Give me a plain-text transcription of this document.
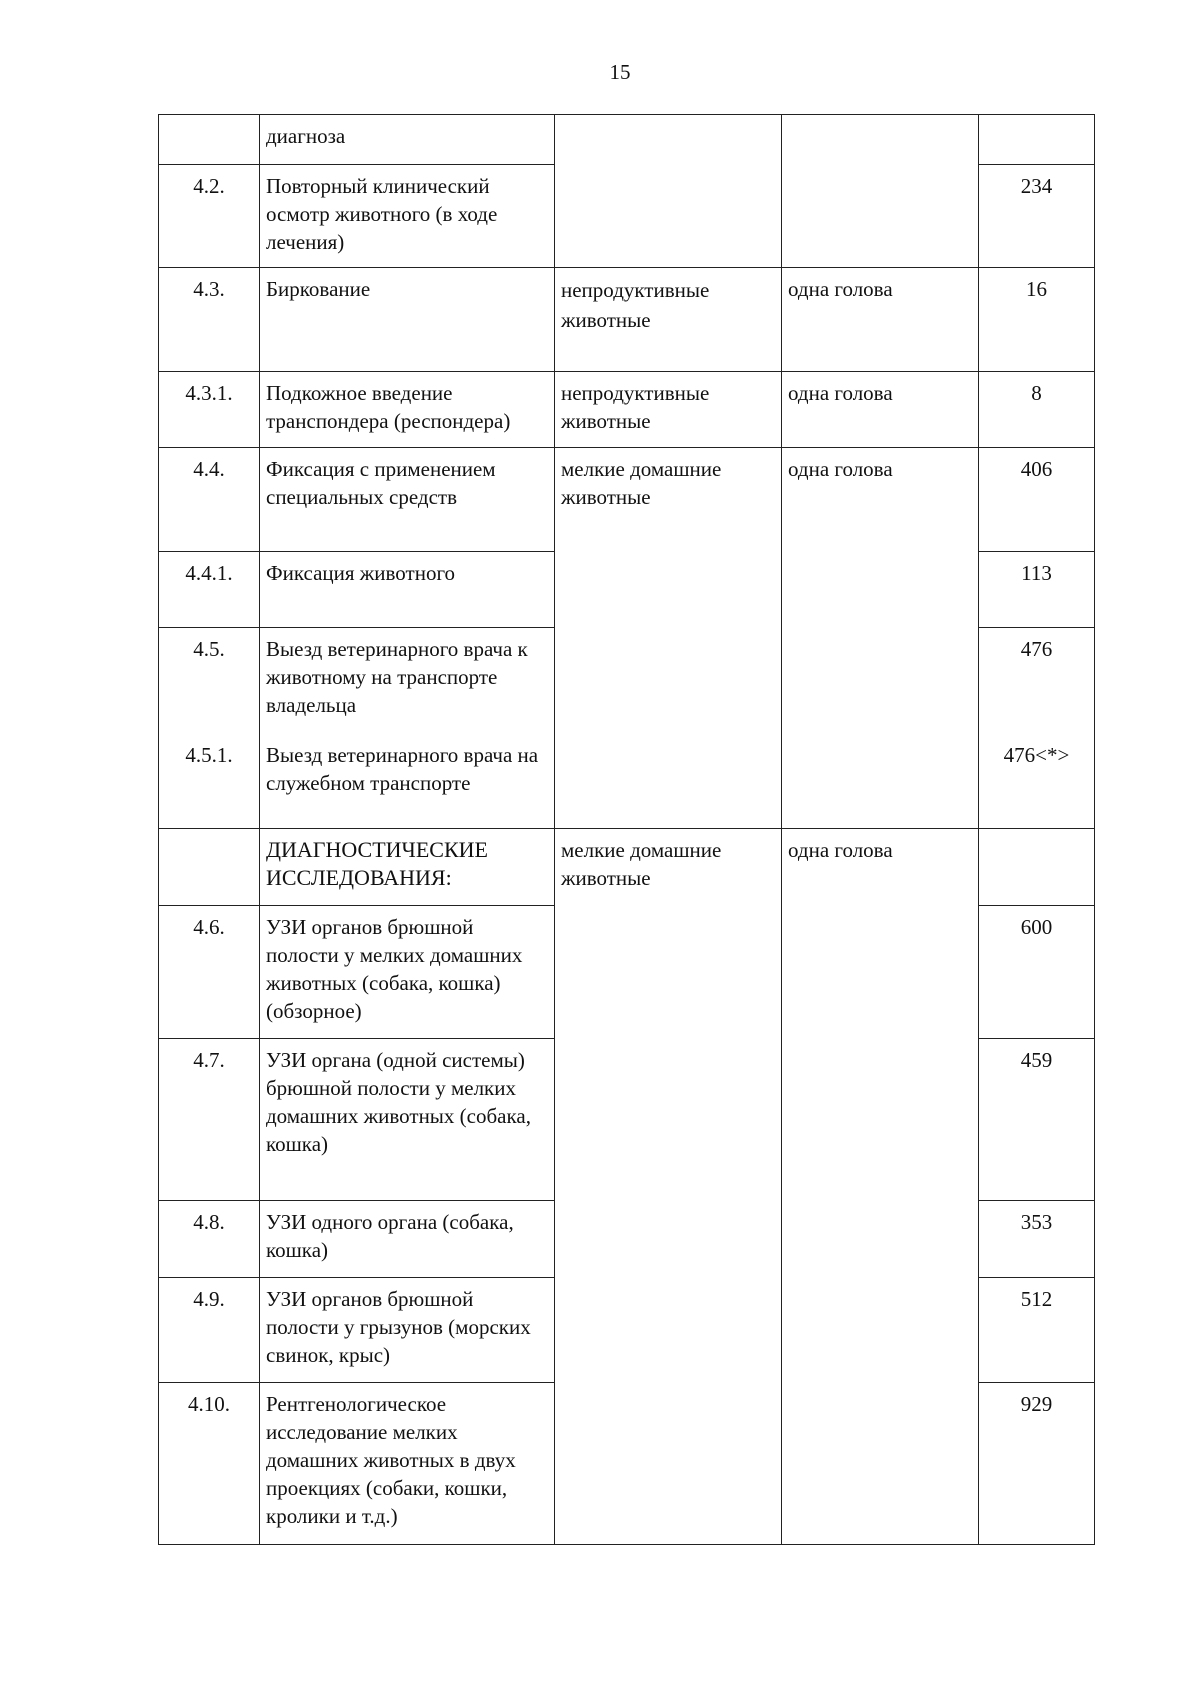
15
	диагноза			
4.2.	Повторный клинический осмотр животного (в ходе лечения)			234
4.3.	Биркование	непродуктивные животные	одна голова	16
4.3.1.	Подкожное введение транспондера (респондера)	непродуктивные животные	одна голова	8
4.4.	Фиксация с применением специальных средств	мелкие домашние животные	одна голова	406
4.4.1.	Фиксация животного			113
4.5.	Выезд ветеринарного врача к животному на транспорте владельца			476
4.5.1.	Выезд ветеринарного врача на служебном транспорте			476<*>
	ДИАГНОСТИЧЕСКИЕ ИССЛЕДОВАНИЯ:	мелкие домашние животные	одна голова	
4.6.	УЗИ органов брюшной полости у мелких домашних животных (собака, кошка) (обзорное)			600
4.7.	УЗИ органа (одной системы) брюшной полости у мелких домашних животных (собака, кошка)			459
4.8.	УЗИ одного органа (собака, кошка)			353
4.9.	УЗИ органов брюшной полости у грызунов (морских свинок, крыс)			512
4.10.	Рентгенологическое исследование мелких домашних животных в двух проекциях (собаки, кошки, кролики и т.д.)			929
